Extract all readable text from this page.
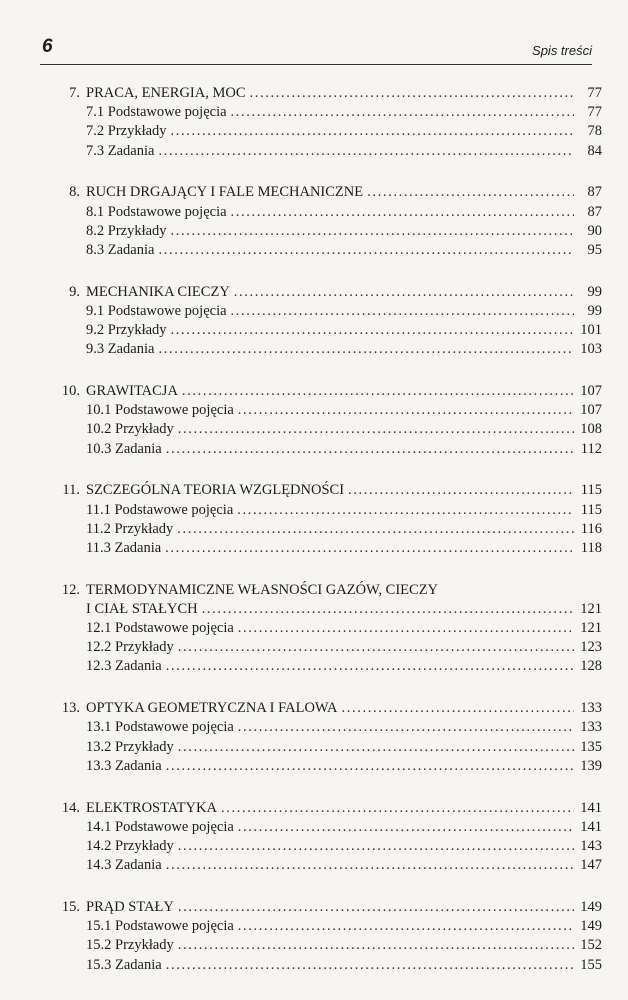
6	Spis treści
7. PRACA, ENERGIA, MOC . . .	77
7.1 Podstawowe pojęcia . . .	77
7.2 Przykłady . . .	78
7.3 Zadania . . .	84
8. RUCH DRGAJĄCY I FALE MECHANICZNE . . .	87
8.1 Podstawowe pojęcia . . .	87
8.2 Przykłady . . .	90
8.3 Zadania . . .	95
9. MECHANIKA CIECZY . . .	99
9.1 Podstawowe pojęcia . . .	99
9.2 Przykłady . . .	101
9.3 Zadania . . .	103
10. GRAWITACJA . . .	107
10.1 Podstawowe pojęcia . . .	107
10.2 Przykłady . . .	108
10.3 Zadania . . .	112
11. SZCZEGÓLNA TEORIA WZGLĘDNOŚCI . . .	115
11.1 Podstawowe pojęcia . . .	115
11.2 Przykłady . . .	116
11.3 Zadania . . .	118
12. TERMODYNAMICZNE WŁASNOŚCI GAZÓW, CIECZY
I CIAŁ STAŁYCH . . .	121
12.1 Podstawowe pojęcia . . .	121
12.2 Przykłady . . .	123
12.3 Zadania . . .	128
13. OPTYKA GEOMETRYCZNA I FALOWA . . .	133
13.1 Podstawowe pojęcia . . .	133
13.2 Przykłady . . .	135
13.3 Zadania . . .	139
14. ELEKTROSTATYKA . . .	141
14.1 Podstawowe pojęcia . . .	141
14.2 Przykłady . . .	143
14.3 Zadania . . .	147
15. PRĄD STAŁY . . .	149
15.1 Podstawowe pojęcia . . .	149
15.2 Przykłady . . .	152
15.3 Zadania . . .	155
